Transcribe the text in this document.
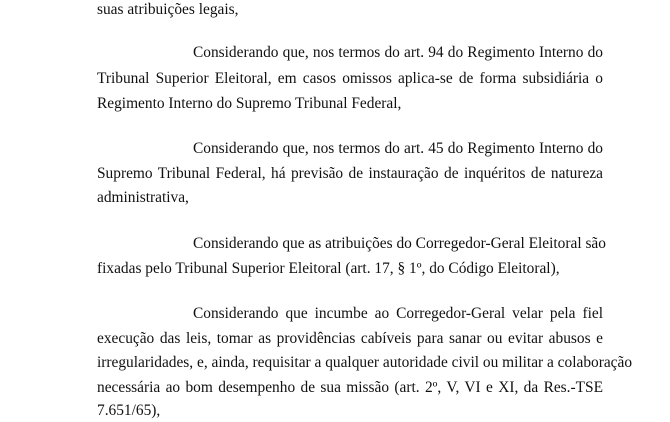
suas atribuições legais,
Considerando que, nos termos do art. 94 do Regimento Interno do
Tribunal Superior Eleitoral, em casos omissos aplica-se de forma subsidiária o
Regimento Interno do Supremo Tribunal Federal,
Considerando que, nos termos do art. 45 do Regimento Interno do
Supremo Tribunal Federal, há previsão de instauração de inquéritos de natureza
administrativa,
Considerando que as atribuições do Corregedor-Geral Eleitoral são
fixadas pelo Tribunal Superior Eleitoral (art. 17, § 1º, do Código Eleitoral),
Considerando que incumbe ao Corregedor-Geral velar pela fiel
execução das leis, tomar as providências cabíveis para sanar ou evitar abusos e
irregularidades, e, ainda, requisitar a qualquer autoridade civil ou militar a colaboração
necessária ao bom desempenho de sua missão (art. 2º, V, VI e XI, da Res.-TSE
7.651/65),
